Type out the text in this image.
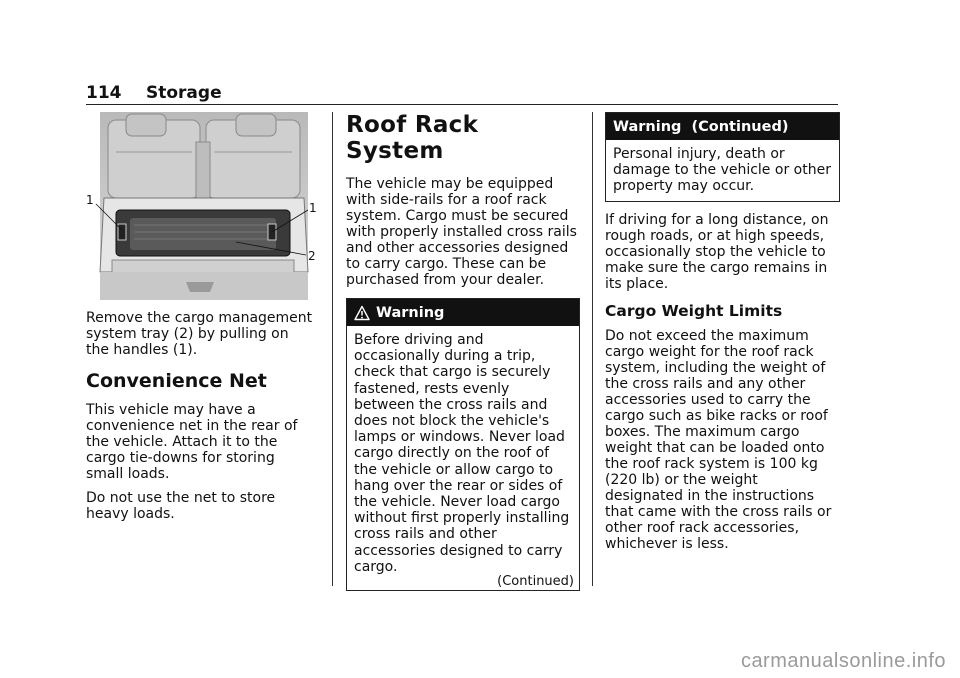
114 Storage
1
1
2

Remove the cargo management system tray (2) by pulling on the handles (1).

Convenience Net

This vehicle may have a convenience net in the rear of the vehicle. Attach it to the cargo tie-downs for storing small loads.

Do not use the net to store heavy loads.

Roof Rack System

The vehicle may be equipped with side-rails for a roof rack system. Cargo must be secured with properly installed cross rails and other accessories designed to carry cargo. These can be purchased from your dealer.

Warning
Before driving and occasionally during a trip, check that cargo is securely fastened, rests evenly between the cross rails and does not block the vehicle's lamps or windows. Never load cargo directly on the roof of the vehicle or allow cargo to hang over the rear or sides of the vehicle. Never load cargo without first properly installing cross rails and other accessories designed to carry cargo.
(Continued)
Warning  (Continued)
Personal injury, death or damage to the vehicle or other property may occur.

If driving for a long distance, on rough roads, or at high speeds, occasionally stop the vehicle to make sure the cargo remains in its place.

Cargo Weight Limits

Do not exceed the maximum cargo weight for the roof rack system, including the weight of the cross rails and any other accessories used to carry the cargo such as bike racks or roof boxes. The maximum cargo weight that can be loaded onto the roof rack system is 100 kg (220 lb) or the weight designated in the instructions that came with the cross rails or other roof rack accessories, whichever is less.

carmanualsonline.info
